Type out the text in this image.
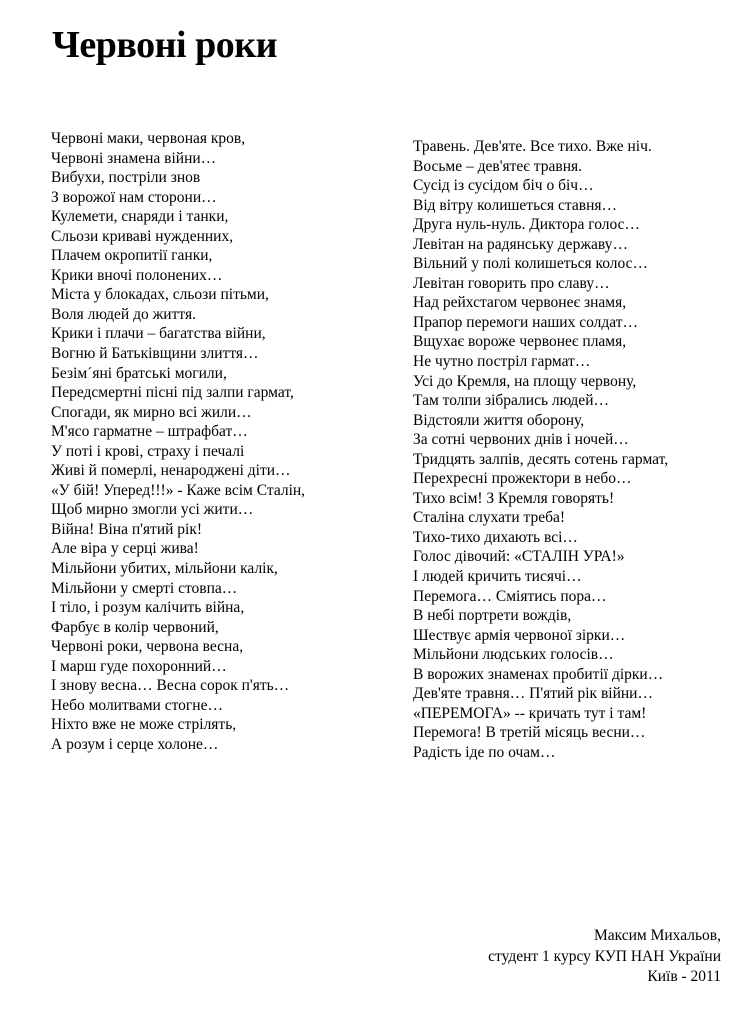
Червоні роки
Червоні маки, червоная кров,
Червоні знамена війни…
Вибухи, постріли знов
З ворожої нам сторони…
Кулемети, снаряди і танки,
Сльози криваві нужденних,
Плачем окропитії ганки,
Крики вночі полонених…
Міста у блокадах, сльози пітьми,
Воля людей до життя.
Крики і плачи – багатства війни,
Вогню й Батьківщини злиття…
Безім´яні братські могили,
Передсмертні пісні під залпи гармат,
Спогади, як мирно всі жили…
М'ясо гарматне – штрафбат…
У поті і крові, страху і печалі
Живі й померлі, ненароджені діти…
«У бій! Уперед!!!» - Каже всім Сталін,
Щоб мирно змогли усі жити…
Війна! Віна п'ятий рік!
Але віра у серці жива!
Мільйони убитих, мільйони калік,
Мільйони у смерті стовпа…
І тіло, і розум калічить війна,
Фарбує в колір червоний,
Червоні роки, червона весна,
І марш гуде похоронний…
І знову весна… Весна сорок п'ять…
Небо молитвами стогне…
Ніхто вже не може стрілять,
А розум і серце холоне…
Травень. Дев'яте. Все тихо. Вже ніч.
Восьме – дев'ятеє травня.
Сусід із сусідом біч о біч…
Від вітру колишеться ставня…
Друга нуль-нуль. Диктора голос…
Левітан на радянську державу…
Вільний у полі колишеться колос…
Левітан говорить про славу…
Над рейхстагом червонеє знамя,
Прапор перемоги наших солдат…
Вщухає вороже червонеє пламя,
Не чутно постріл гармат…
Усі до Кремля, на площу червону,
Там толпи зібрались людей…
Відстояли життя оборону,
За сотні червоних днів і ночей…
Тридцять залпів, десять сотень гармат,
Перехресні прожектори в небо…
Тихо всім! З Кремля говорять!
Сталіна слухати треба!
Тихо-тихо дихають всі…
Голос дівочий: «СТАЛІН УРА!»
І людей кричить тисячі…
Перемога… Сміятись пора…
В небі портрети вождів,
Шествує армія червоної зірки…
Мільйони людських голосів…
В ворожих знаменах пробитії дірки…
Дев'яте травня… П'ятий рік війни…
«ПЕРЕМОГА» -- кричать тут і там!
Перемога! В третій місяць весни…
Радість іде по очам…
Максим Михальов,
студент 1 курсу КУП НАН України
Київ - 2011
